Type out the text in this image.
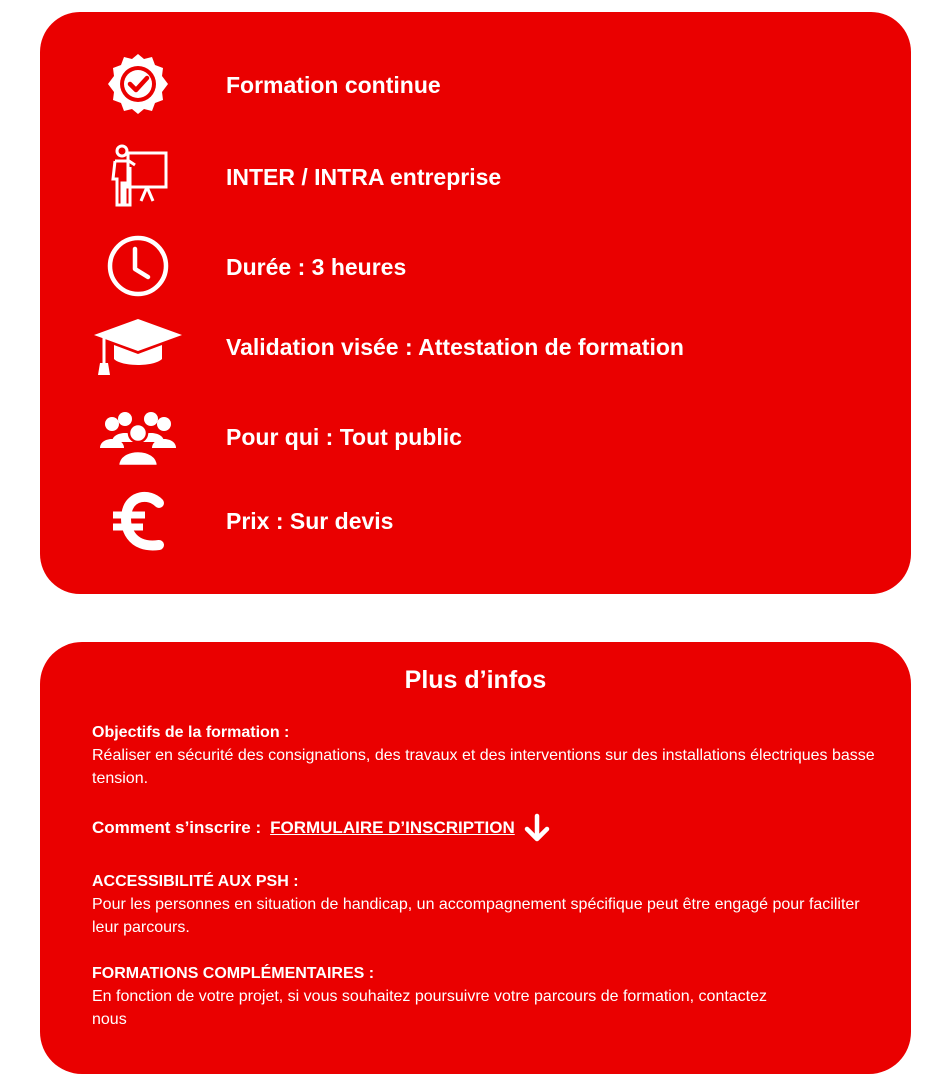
Formation continue
INTER / INTRA entreprise
Durée : 3 heures
Validation visée : Attestation de formation
Pour qui : Tout public
Prix : Sur devis
Plus d’infos
Objectifs de la formation :
Réaliser en sécurité des consignations, des travaux et des interventions sur des installations électriques basse tension.
Comment s’inscrire : FORMULAIRE D’INSCRIPTION
ACCESSIBILITÉ AUX PSH :
Pour les personnes en situation de handicap, un accompagnement spécifique peut être engagé pour faciliter leur parcours.
FORMATIONS COMPLÉMENTAIRES :
En fonction de votre projet, si vous souhaitez poursuivre votre parcours de formation, contactez nous
